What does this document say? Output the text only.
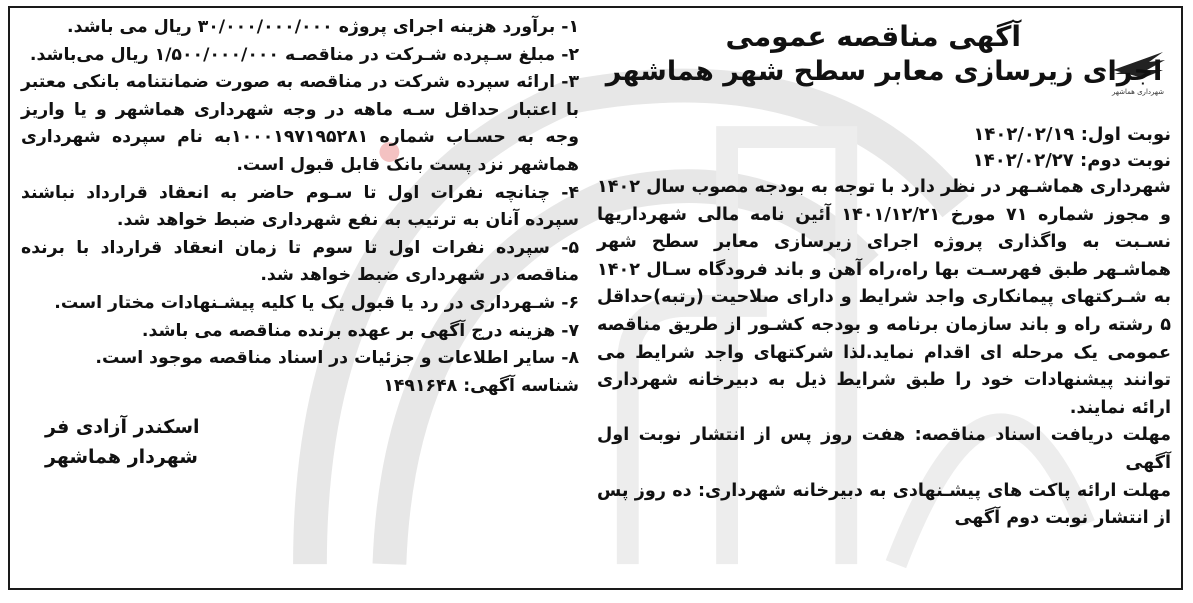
شهرداری هماشهر
آگهی مناقصه عمومی
اجرای زیرسازی معابر سطح شهر هماشهر

نوبت اول: ۱۴۰۲/۰۲/۱۹

نوبت دوم: ۱۴۰۲/۰۲/۲۷

شهرداری هماشـهر در نظر دارد با توجه به بودجه مصوب سال ۱۴۰۲ و مجوز شماره ۷۱ مورخ ۱۴۰۱/۱۲/۲۱ آئین نامه مالی شهرداریها نسـبت به واگذاری پروژه اجرای زیرسازی معابر سطح شهر هماشـهر طبق فهرسـت بها راه،راه آهن و باند فرودگاه سـال ۱۴۰۲ به شـرکتهای پیمانکاری واجد شرایط و دارای صلاحیت (رتبه)حداقل ۵ رشته راه و باند سازمان برنامه و بودجه کشـور از طریق مناقصه عمومی یک مرحله ای اقدام نماید.لذا شرکتهای واجد شرایط می توانند پیشنهادات خود را طبق شرایط ذیل به دبیرخانه شهرداری ارائه نمایند.

مهلت دریافت اسناد مناقصه: هفت روز پس از انتشار نوبت اول آگهی

مهلت ارائه پاکت های پیشـنهادی به دبیرخانه شهرداری: ده روز پس از انتشار نوبت دوم آگهی

۱- برآورد هزینه اجرای پروژه ۳۰/۰۰۰/۰۰۰/۰۰۰ ریال می باشد.

۲- مبلغ سـپرده شـرکت در مناقصـه ۱/۵۰۰/۰۰۰/۰۰۰ ریال می‌باشد.

۳- ارائه سپرده شرکت در مناقصه به صورت ضمانتنامه بانکی معتبر با اعتبار حداقل سـه ماهه در وجه شهرداری هماشهر و یا واریز وجه به حسـاب شماره ۱۰۰۰۱۹۷۱۹۵۲۸۱به نام سپرده شهرداری هماشهر نزد پست بانک قابل قبول است.

۴- چنانچه نفرات اول تا سـوم حاضر به انعقاد قرارداد نباشند سپرده آنان به ترتیب به نفع شهرداری ضبط خواهد شد.

۵- سپرده نفرات اول تا سوم تا زمان انعقاد قرارداد با برنده مناقصه در شهرداری ضبط خواهد شد.

۶- شـهرداری در رد یا قبول یک یا کلیه پیشـنهادات مختار است.

۷- هزینه درج آگهی بر عهده برنده مناقصه می باشد.

۸- سایر اطلاعات و جزئیات در اسناد مناقصه موجود است.

شناسه آگهی: ۱۴۹۱۶۴۸

اسکندر آزادی فر

شهردار هماشهر
